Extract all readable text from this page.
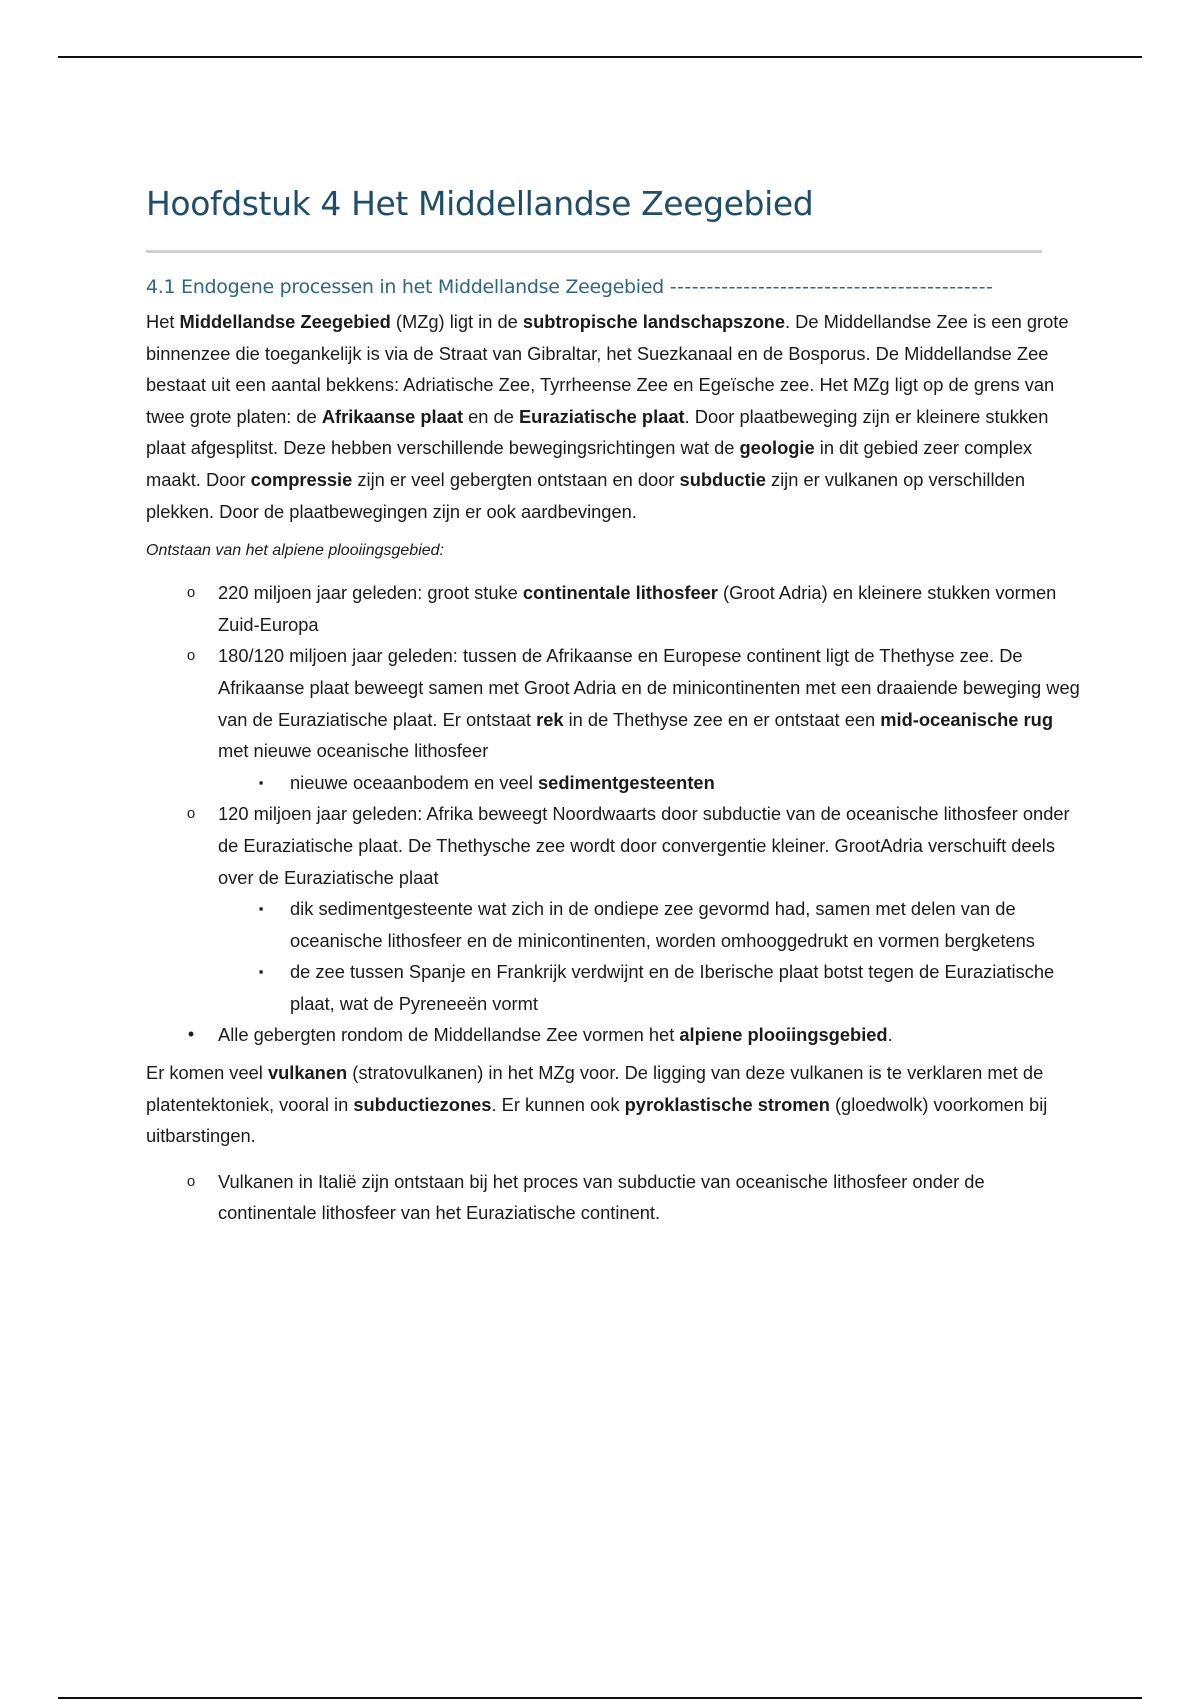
Hoofdstuk 4 Het Middellandse Zeegebied
4.1 Endogene processen in het Middellandse Zeegebied --------------------------------------------

Het Middellandse Zeegebied (MZg) ligt in de subtropische landschapszone. De Middellandse Zee is een grote binnenzee die toegankelijk is via de Straat van Gibraltar, het Suezkanaal en de Bosporus. De Middellandse Zee bestaat uit een aantal bekkens: Adriatische Zee, Tyrrheense Zee en Egeïsche zee. Het MZg ligt op de grens van twee grote platen: de Afrikaanse plaat en de Euraziatische plaat. Door plaatbeweging zijn er kleinere stukken plaat afgesplitst. Deze hebben verschillende bewegingsrichtingen wat de geologie in dit gebied zeer complex maakt. Door compressie zijn er veel gebergten ontstaan en door subductie zijn er vulkanen op verschillden plekken. Door de plaatbewegingen zijn er ook aardbevingen.

Ontstaan van het alpiene plooiingsgebied:

o 220 miljoen jaar geleden: groot stuke continentale lithosfeer (Groot Adria) en kleinere stukken vormen Zuid-Europa
o 180/120 miljoen jaar geleden: tussen de Afrikaanse en Europese continent ligt de Thethyse zee. De Afrikaanse plaat beweegt samen met Groot Adria en de minicontinenten met een draaiende beweging weg van de Euraziatische plaat. Er ontstaat rek in de Thethyse zee en er ontstaat een mid-oceanische rug met nieuwe oceanische lithosfeer
▪ nieuwe oceaanbodem en veel sedimentgesteenten
o 120 miljoen jaar geleden: Afrika beweegt Noordwaarts door subductie van de oceanische lithosfeer onder de Euraziatische plaat. De Thethysche zee wordt door convergentie kleiner. GrootAdria verschuift deels over de Euraziatische plaat
▪ dik sedimentgesteente wat zich in de ondiepe zee gevormd had, samen met delen van de oceanische lithosfeer en de minicontinenten, worden omhooggedrukt en vormen bergketens
▪ de zee tussen Spanje en Frankrijk verdwijnt en de Iberische plaat botst tegen de Euraziatische plaat, wat de Pyreneeën vormt
• Alle gebergten rondom de Middellandse Zee vormen het alpiene plooiingsgebied.

Er komen veel vulkanen (stratovulkanen) in het MZg voor. De ligging van deze vulkanen is te verklaren met de platentektoniek, vooral in subductiezones. Er kunnen ook pyroklastische stromen (gloedwolk) voorkomen bij uitbarstingen.

o Vulkanen in Italië zijn ontstaan bij het proces van subductie van oceanische lithosfeer onder de continentale lithosfeer van het Euraziatische continent.
